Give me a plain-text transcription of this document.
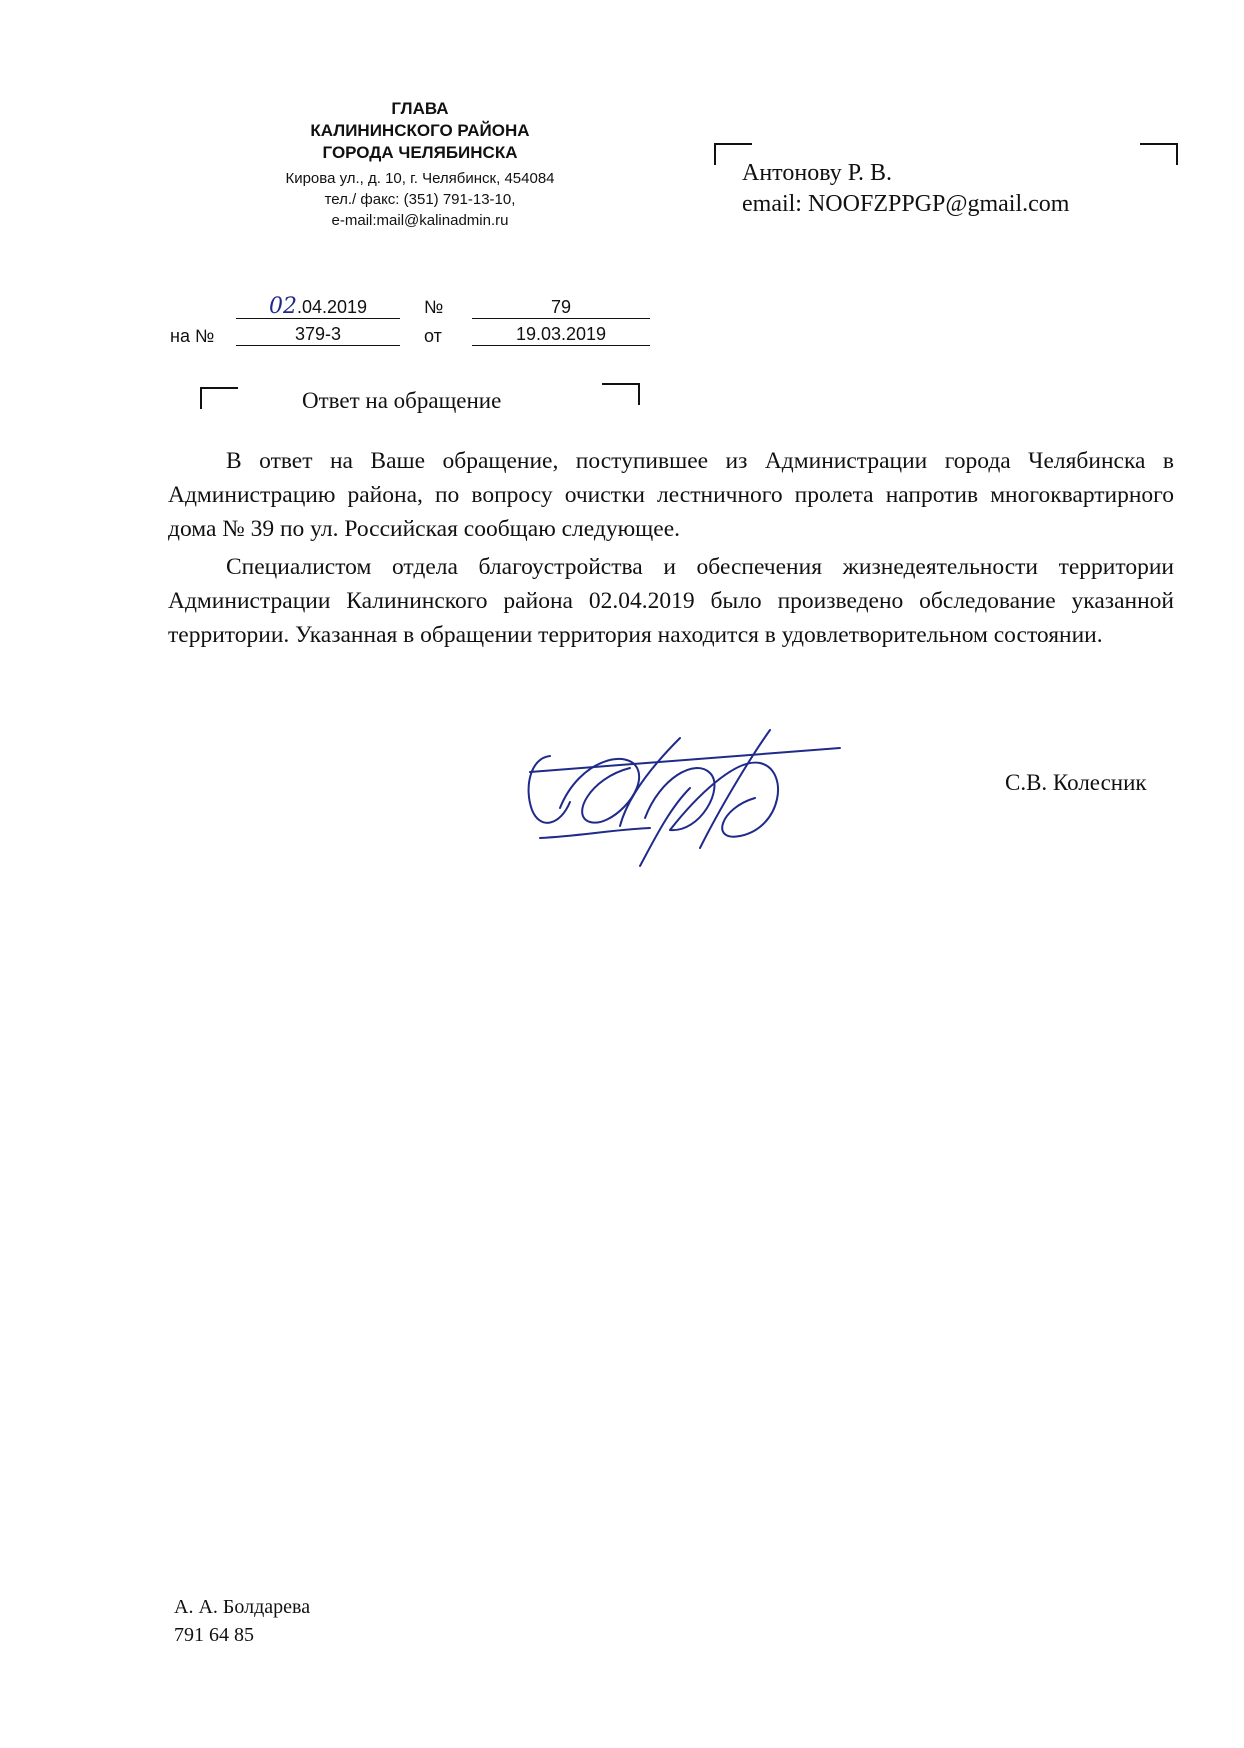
ГЛАВА
КАЛИНИНСКОГО РАЙОНА
ГОРОДА ЧЕЛЯБИНСКА
Кирова ул., д. 10, г. Челябинск, 454084
тел./ факс: (351) 791-13-10,
e-mail:mail@kalinadmin.ru
Антонову Р. В.
email: NOOFZPPGP@gmail.com
02.04.2019	№	79
на №	379-3	от	19.03.2019
Ответ на обращение

В ответ на Ваше обращение, поступившее из Администрации города Челябинска в Администрацию района, по вопросу очистки лестничного пролета напротив многоквартирного дома № 39 по ул. Российская сообщаю следующее.

Специалистом отдела благоустройства и обеспечения жизнедеятельности территории Администрации Калининского района 02.04.2019 было произведено обследование указанной территории. Указанная в обращении территория находится в удовлетворительном состоянии.

С.В. Колесник
А. А. Болдарева
791 64 85
